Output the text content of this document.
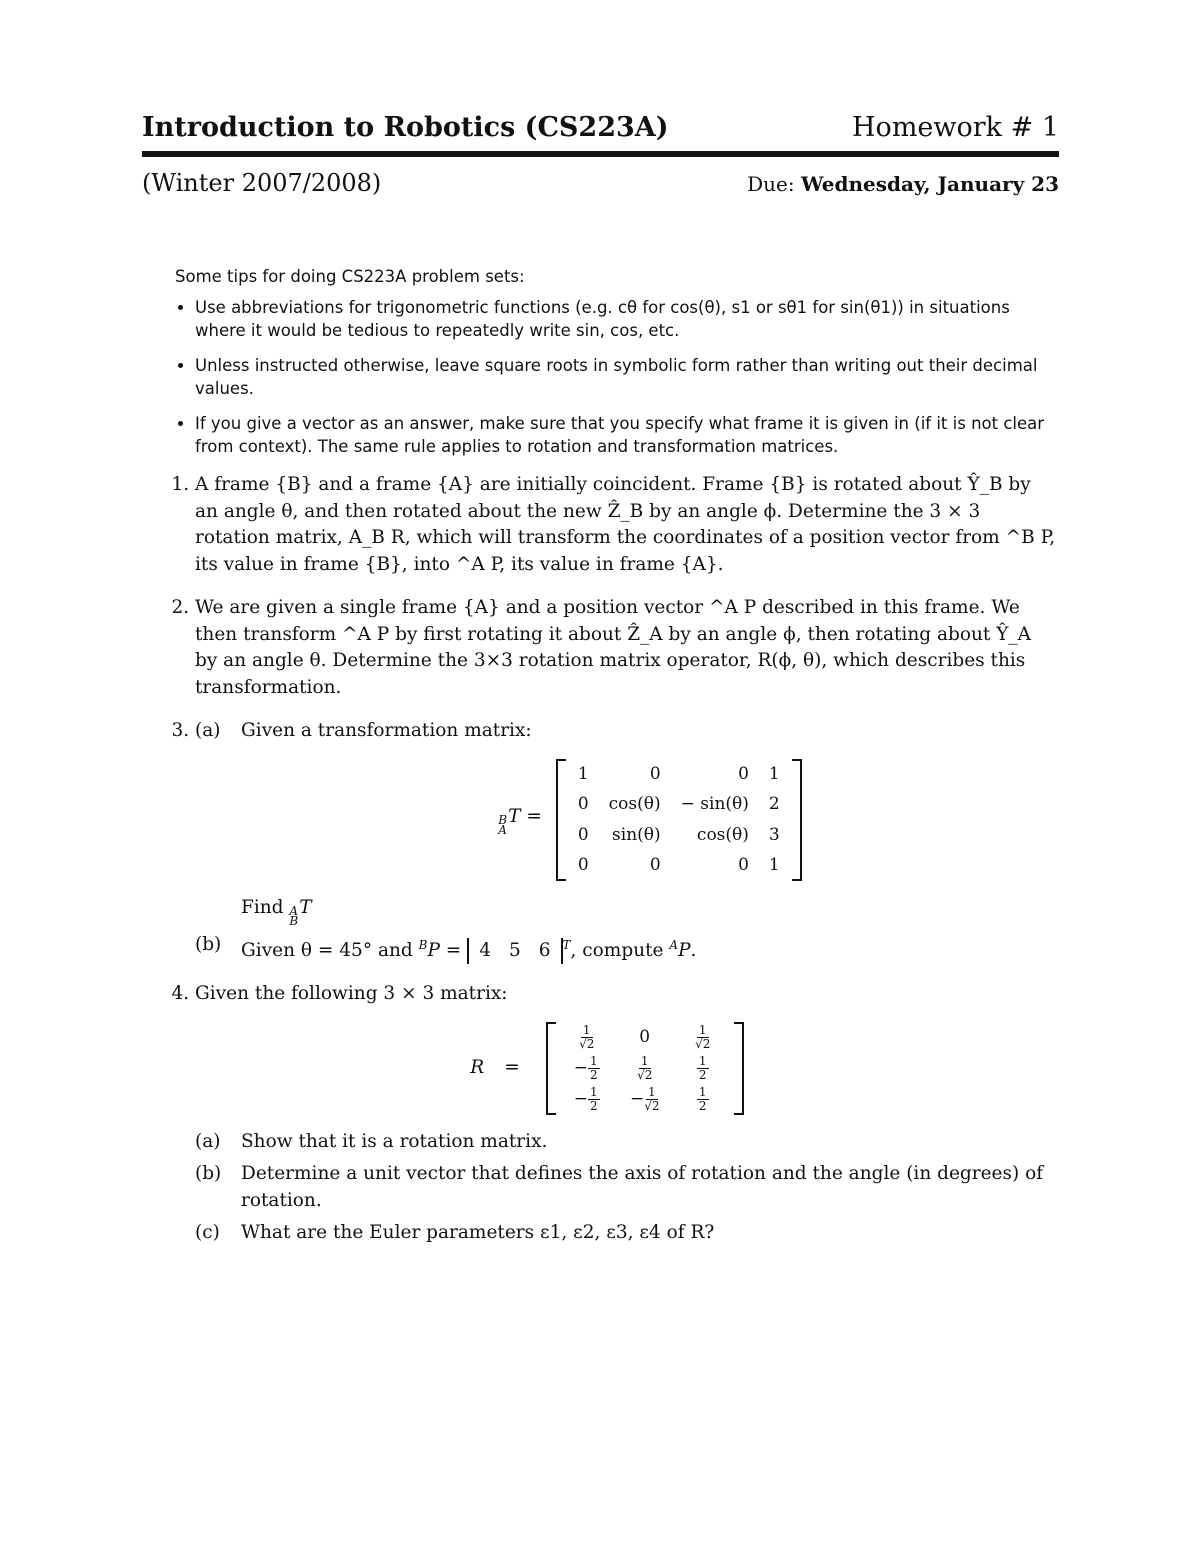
Introduction to Robotics (CS223A)	Homework # 1
(Winter 2007/2008)	Due: Wednesday, January 23
Some tips for doing CS223A problem sets:
• Use abbreviations for trigonometric functions (e.g. cθ for cos(θ), s1 or sθ1 for sin(θ1)) in situations where it would be tedious to repeatedly write sin, cos, etc.
• Unless instructed otherwise, leave square roots in symbolic form rather than writing out their decimal values.
• If you give a vector as an answer, make sure that you specify what frame it is given in (if it is not clear from context). The same rule applies to rotation and transformation matrices.
1. A frame {B} and a frame {A} are initially coincident. Frame {B} is rotated about Ŷ_B by an angle θ, and then rotated about the new Ẑ_B by an angle ϕ. Determine the 3 × 3 rotation matrix, A_B R, which will transform the coordinates of a position vector from ^B P, its value in frame {B}, into ^A P, its value in frame {A}.
2. We are given a single frame {A} and a position vector ^A P described in this frame. We then transform ^A P by first rotating it about Ẑ_A by an angle ϕ, then rotating about Ŷ_A by an angle θ. Determine the 3×3 rotation matrix operator, R(ϕ, θ), which describes this transformation.
3. (a) Given a transformation matrix:
B
A
T =
1	0	0	1
0	cos(θ)	− sin(θ)	2
0	sin(θ)	cos(θ)	3
0	0	0	1
Find A
B
T
(b) Given θ = 45° and $^B$P = 4 5 6 $^T$, compute $^A$P.
4. Given the following 3 × 3 matrix:
R =
$\frac{1}{√2}$	0	$\frac{1}{√2}$
− $\frac{1}{2}$	$\frac{1}{√2}$	$\frac{1}{2}$
− $\frac{1}{2}$	− $\frac{1}{√2}$	$\frac{1}{2}$
(a) Show that it is a rotation matrix.
(b) Determine a unit vector that defines the axis of rotation and the angle (in degrees) of rotation.
(c) What are the Euler parameters ε1, ε2, ε3, ε4 of R?
